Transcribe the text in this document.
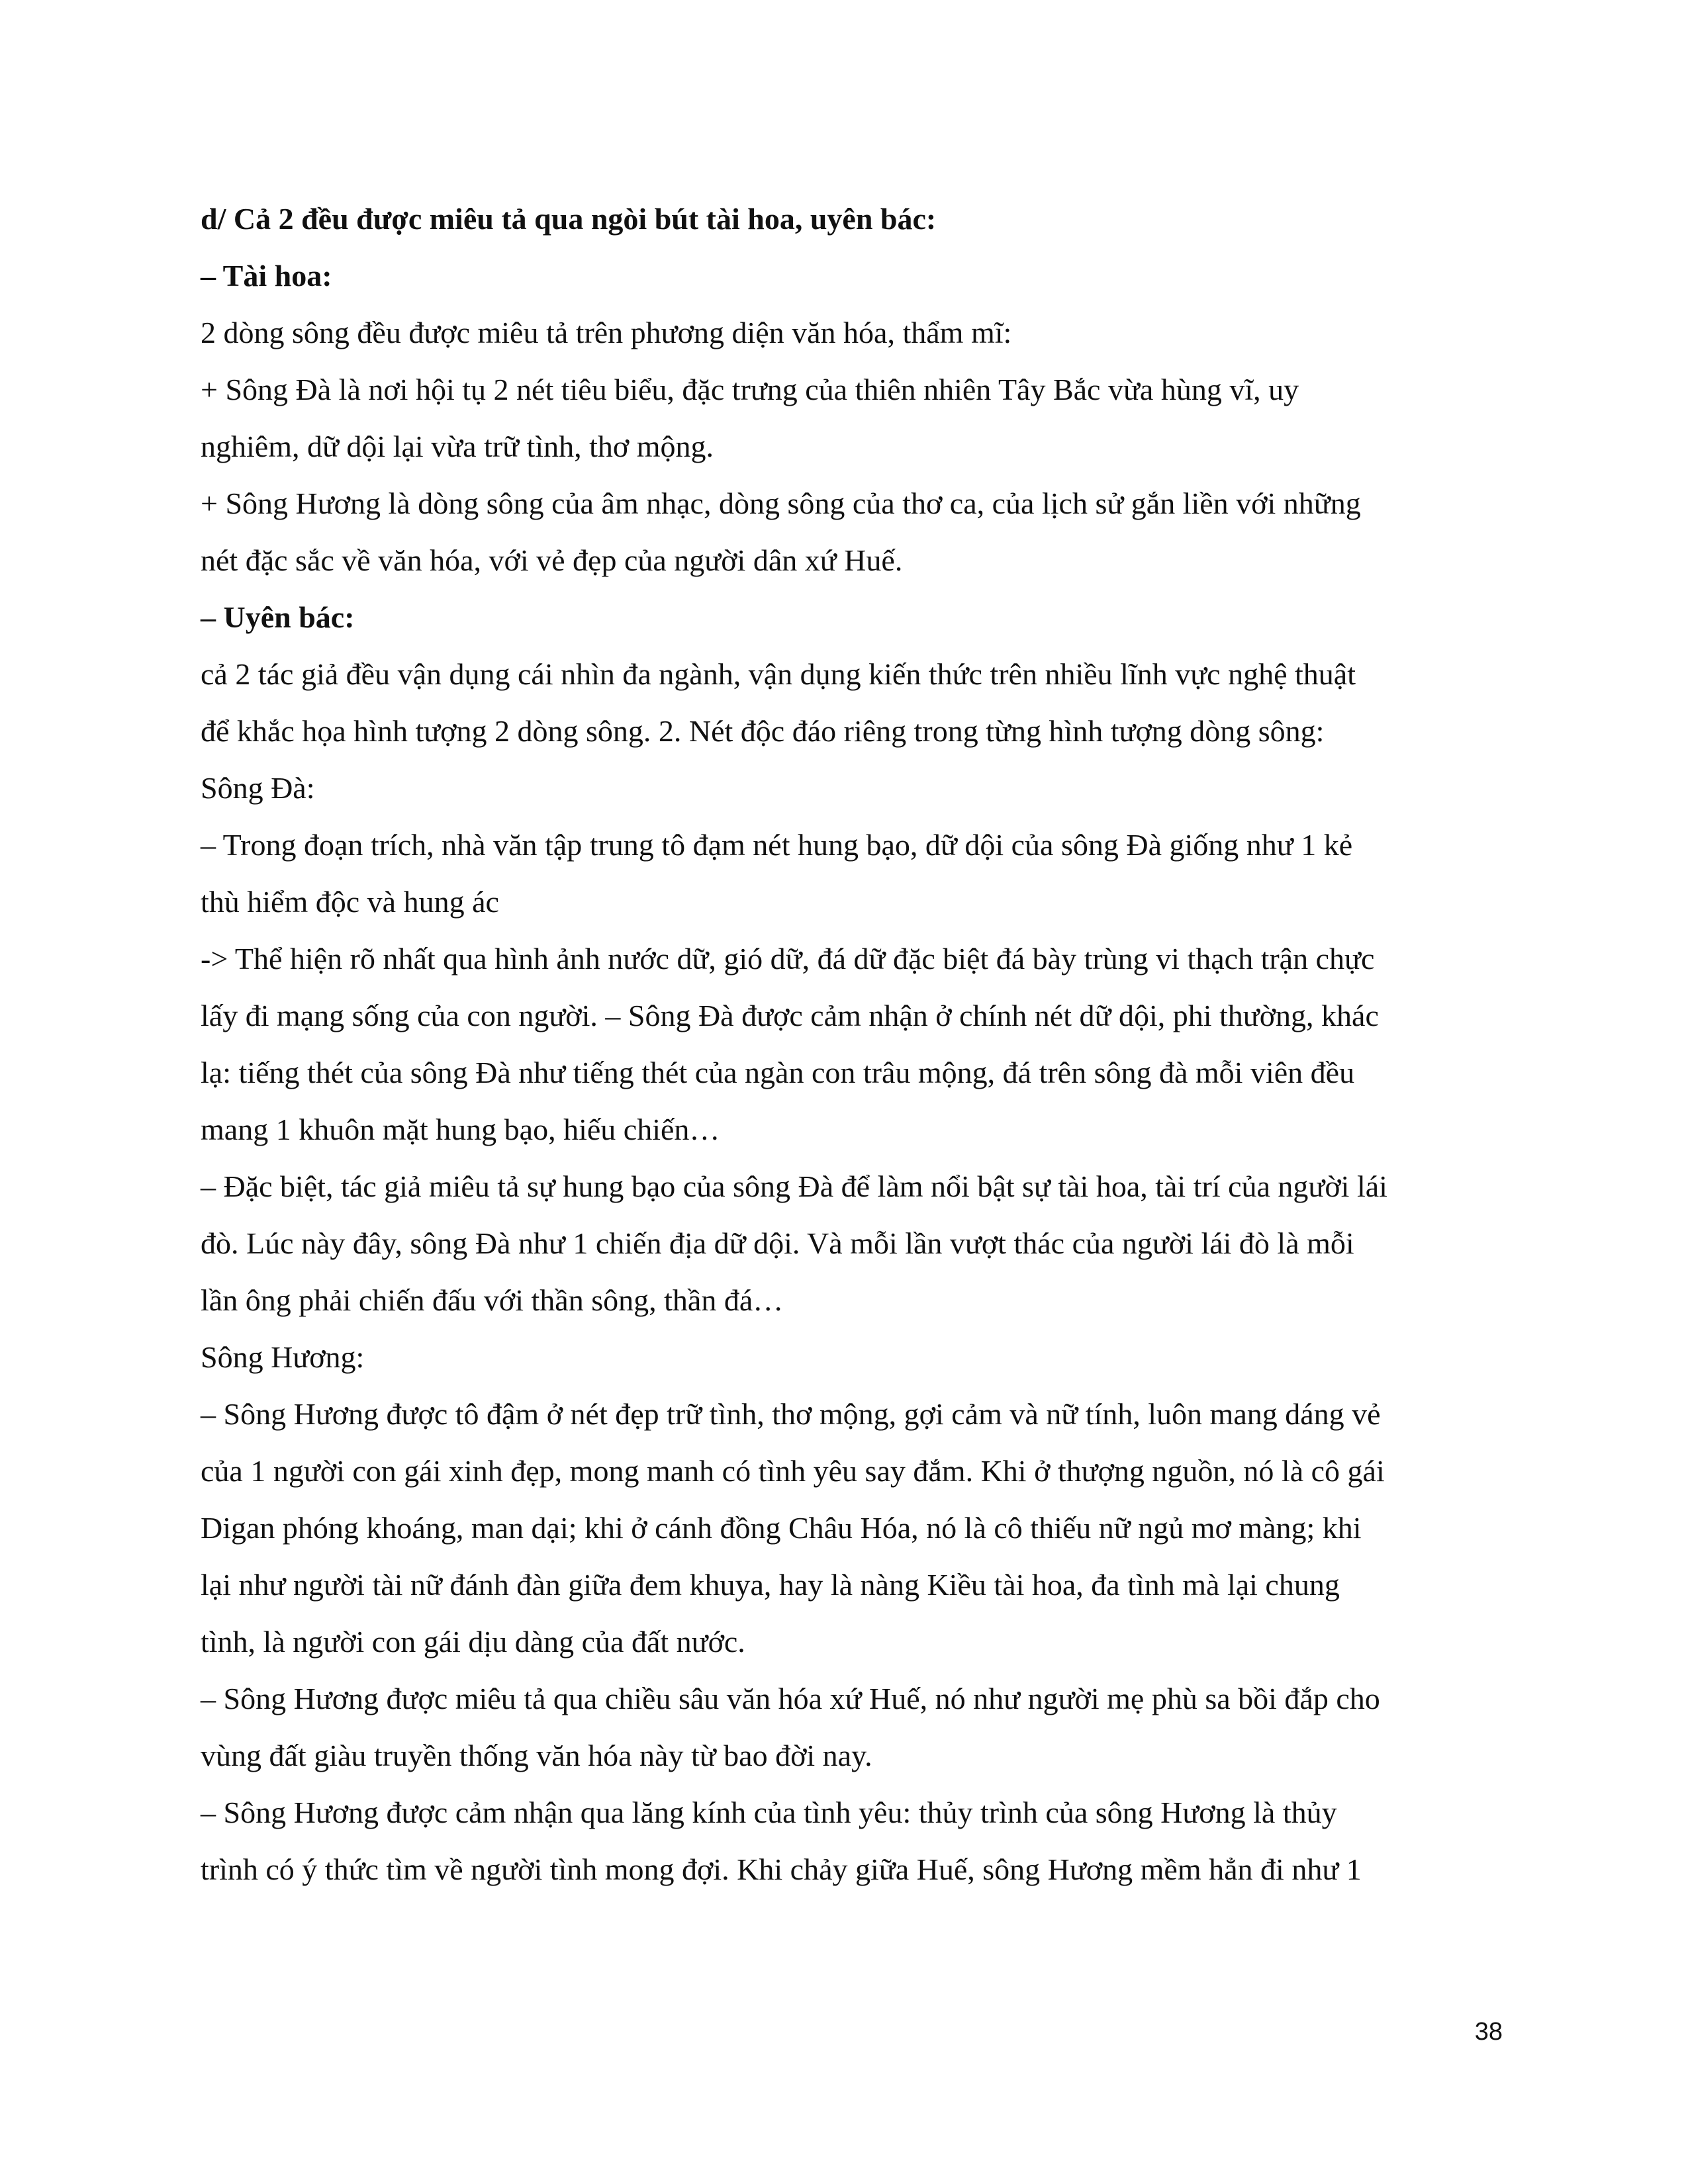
d/ Cả 2 đều được miêu tả qua ngòi bút tài hoa, uyên bác:
– Tài hoa:
2 dòng sông đều được miêu tả trên phương diện văn hóa, thẩm mĩ:
+ Sông Đà là nơi hội tụ 2 nét tiêu biểu, đặc trưng của thiên nhiên Tây Bắc vừa hùng vĩ, uy
nghiêm, dữ dội lại vừa trữ tình, thơ mộng.
+ Sông Hương là dòng sông của âm nhạc, dòng sông của thơ ca, của lịch sử gắn liền với những
nét đặc sắc về văn hóa, với vẻ đẹp của người dân xứ Huế.
– Uyên bác:
cả 2 tác giả đều vận dụng cái nhìn đa ngành, vận dụng kiến thức trên nhiều lĩnh vực nghệ thuật
để khắc họa hình tượng 2 dòng sông. 2. Nét độc đáo riêng trong từng hình tượng dòng sông:
Sông Đà:
– Trong đoạn trích, nhà văn tập trung tô đạm nét hung bạo, dữ dội của sông Đà giống như 1 kẻ
thù hiểm độc và hung ác
-> Thể hiện rõ nhất qua hình ảnh nước dữ, gió dữ, đá dữ đặc biệt đá bày trùng vi thạch trận chực
lấy đi mạng sống của con người. – Sông Đà được cảm nhận ở chính nét dữ dội, phi thường, khác
lạ: tiếng thét của sông Đà như tiếng thét của ngàn con trâu mộng, đá trên sông đà mỗi viên đều
mang 1 khuôn mặt hung bạo, hiếu chiến…
– Đặc biệt, tác giả miêu tả sự hung bạo của sông Đà để làm nổi bật sự tài hoa, tài trí của người lái
đò. Lúc này đây, sông Đà như 1 chiến địa dữ dội. Và mỗi lần vượt thác của người lái đò là mỗi
lần ông phải chiến đấu với thần sông, thần đá…
Sông Hương:
– Sông Hương được tô đậm ở nét đẹp trữ tình, thơ mộng, gợi cảm và nữ tính, luôn mang dáng vẻ
của 1 người con gái xinh đẹp, mong manh có tình yêu say đắm. Khi ở thượng nguồn, nó là cô gái
Digan phóng khoáng, man dại; khi ở cánh đồng Châu Hóa, nó là cô thiếu nữ ngủ mơ màng; khi
lại như người tài nữ đánh đàn giữa đem khuya, hay là nàng Kiều tài hoa, đa tình mà lại chung
tình, là người con gái dịu dàng của đất nước.
– Sông Hương được miêu tả qua chiều sâu văn hóa xứ Huế, nó như người mẹ phù sa bồi đắp cho
vùng đất giàu truyền thống văn hóa này từ bao đời nay.
– Sông Hương được cảm nhận qua lăng kính của tình yêu: thủy trình của sông Hương là thủy
trình có ý thức tìm về người tình mong đợi. Khi chảy giữa Huế, sông Hương mềm hẳn đi như 1
38
